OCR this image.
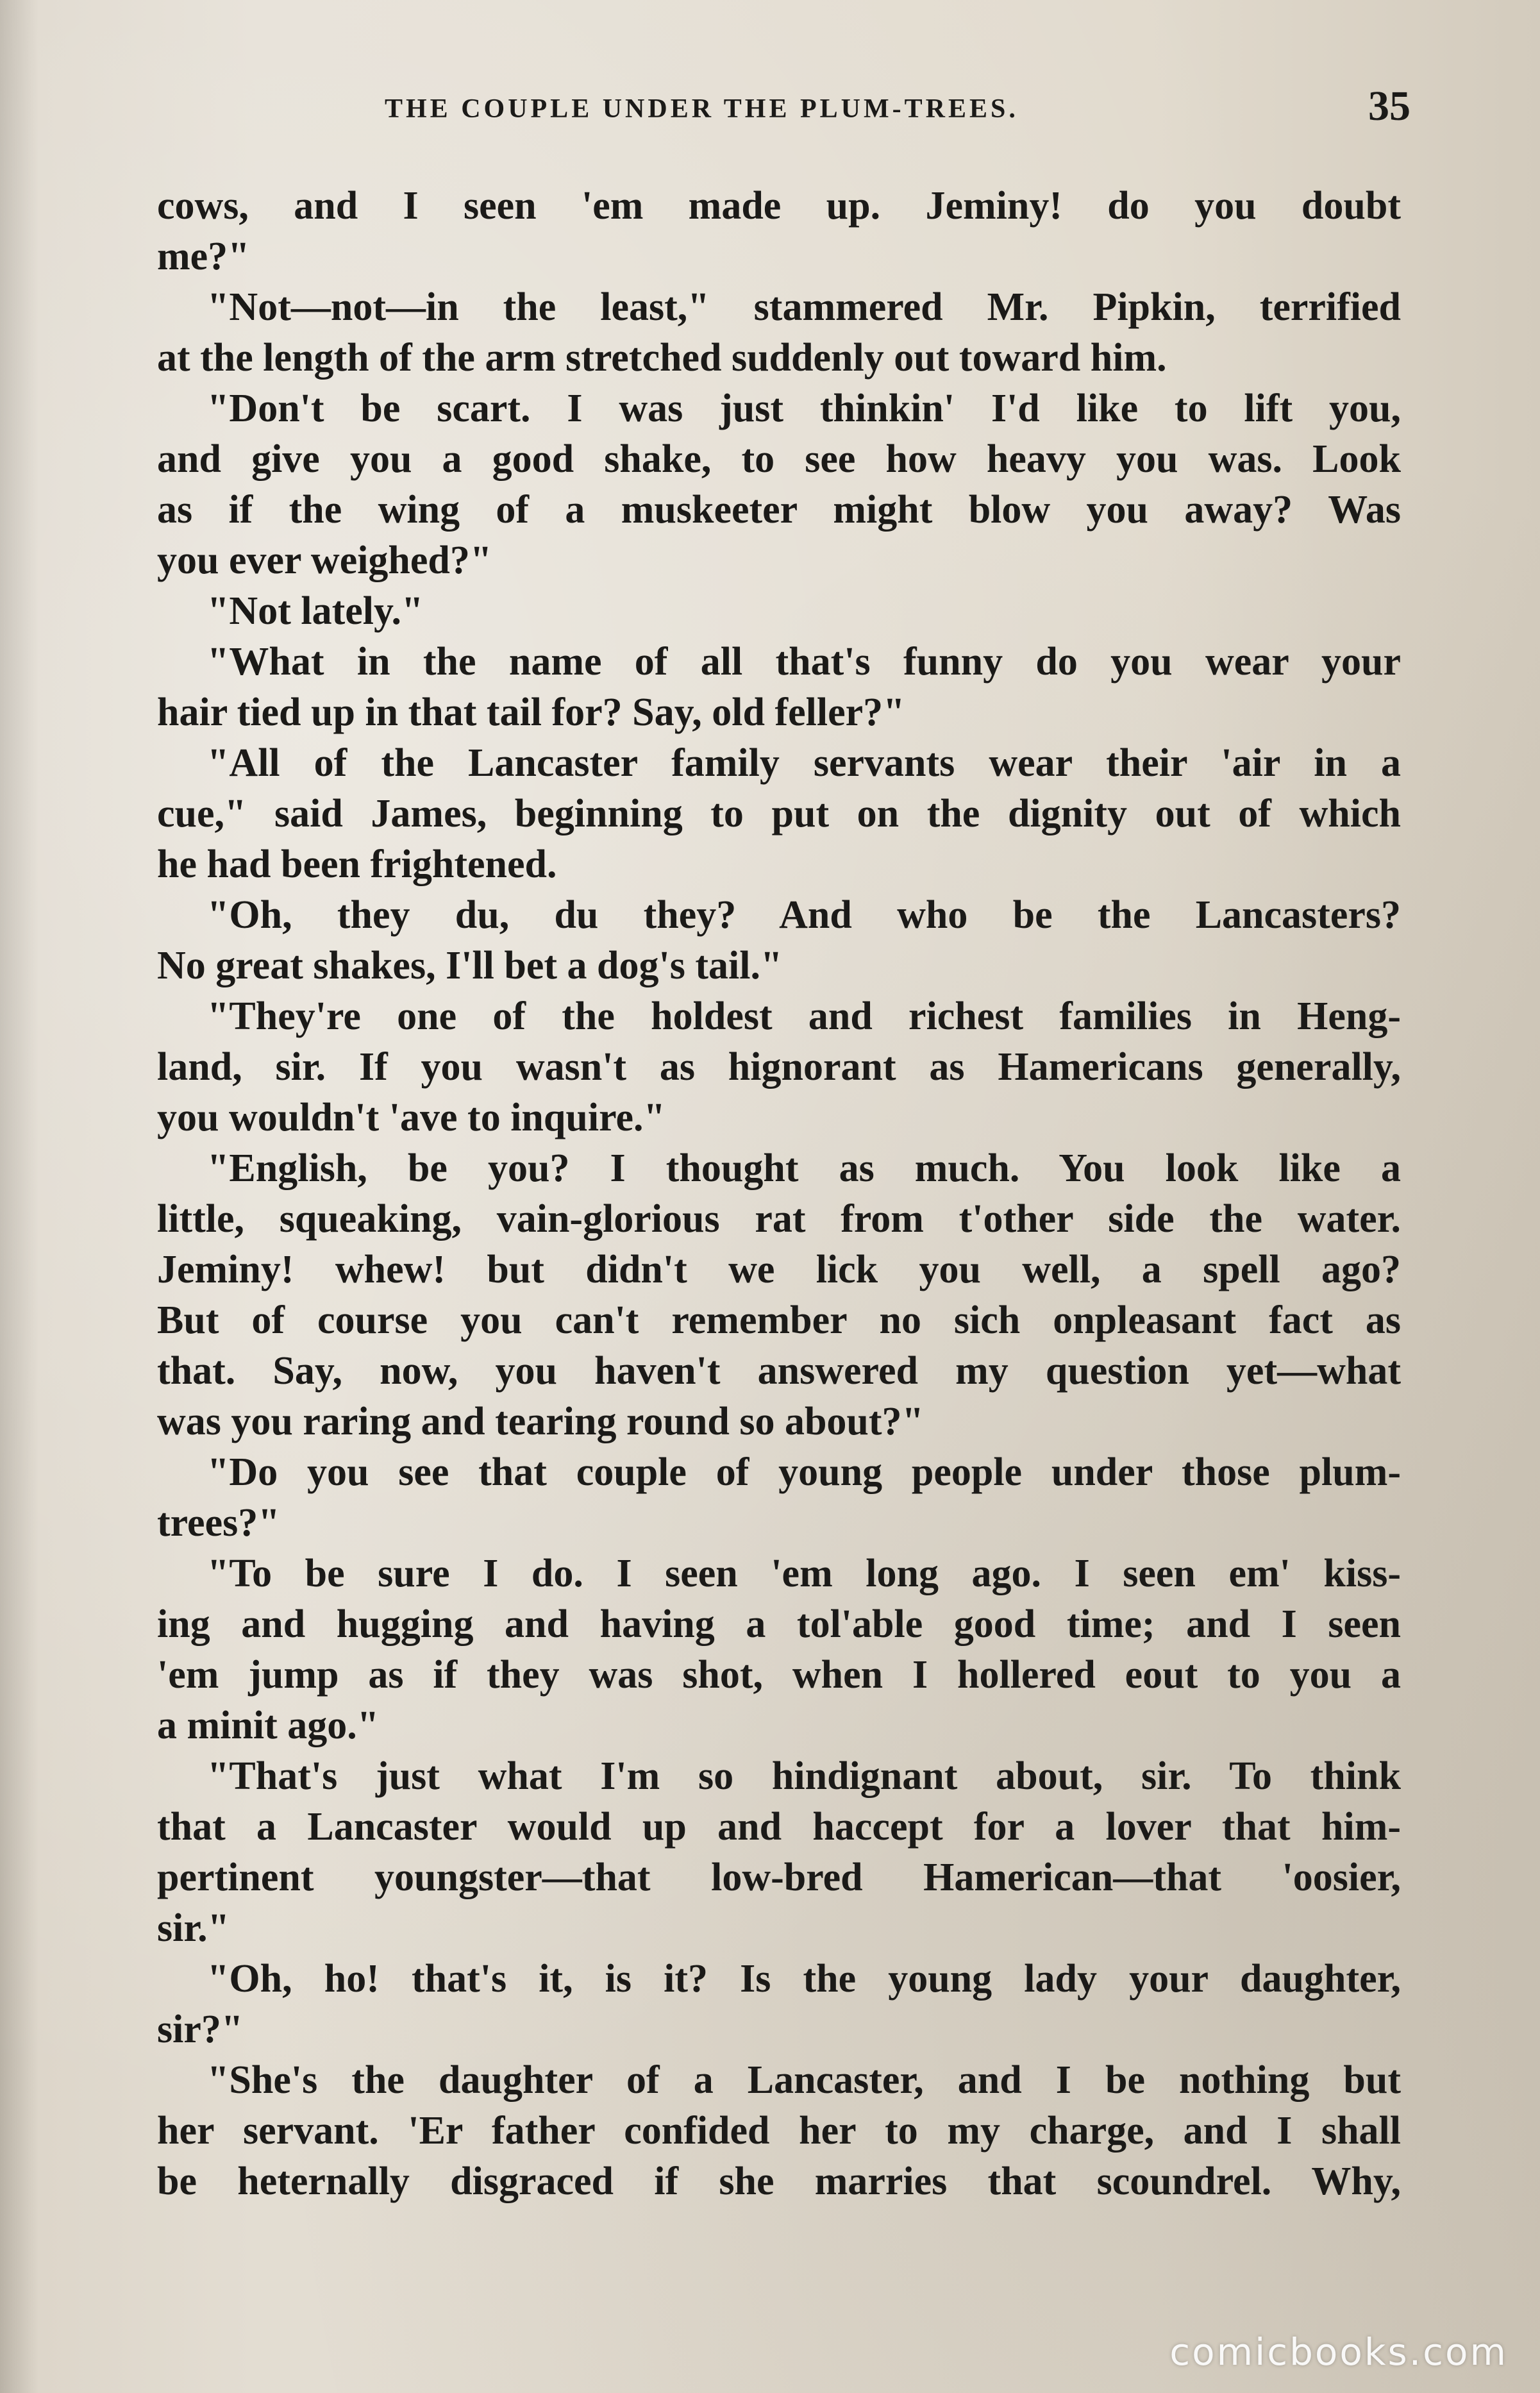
THE COUPLE UNDER THE PLUM-TREES.	35
cows, and I seen 'em made up. Jeminy! do you doubt
me?"
"Not—not—in the least," stammered Mr. Pipkin, terrified
at the length of the arm stretched suddenly out toward him.
"Don't be scart. I was just thinkin' I'd like to lift you,
and give you a good shake, to see how heavy you was. Look
as if the wing of a muskeeter might blow you away? Was
you ever weighed?"
"Not lately."
"What in the name of all that's funny do you wear your
hair tied up in that tail for? Say, old feller?"
"All of the Lancaster family servants wear their 'air in a
cue," said James, beginning to put on the dignity out of which
he had been frightened.
"Oh, they du, du they? And who be the Lancasters?
No great shakes, I'll bet a dog's tail."
"They're one of the holdest and richest families in Heng-
land, sir. If you wasn't as hignorant as Hamericans generally,
you wouldn't 'ave to inquire."
"English, be you? I thought as much. You look like a
little, squeaking, vain-glorious rat from t'other side the water.
Jeminy! whew! but didn't we lick you well, a spell ago?
But of course you can't remember no sich onpleasant fact as
that. Say, now, you haven't answered my question yet—what
was you raring and tearing round so about?"
"Do you see that couple of young people under those plum-
trees?"
"To be sure I do. I seen 'em long ago. I seen em' kiss-
ing and hugging and having a tol'able good time; and I seen
'em jump as if they was shot, when I hollered eout to you a
a minit ago."
"That's just what I'm so hindignant about, sir. To think
that a Lancaster would up and haccept for a lover that him-
pertinent youngster—that low-bred Hamerican—that 'oosier,
sir."
"Oh, ho! that's it, is it? Is the young lady your daughter,
sir?"
"She's the daughter of a Lancaster, and I be nothing but
her servant. 'Er father confided her to my charge, and I shall
be heternally disgraced if she marries that scoundrel. Why,
comicbooks.com
